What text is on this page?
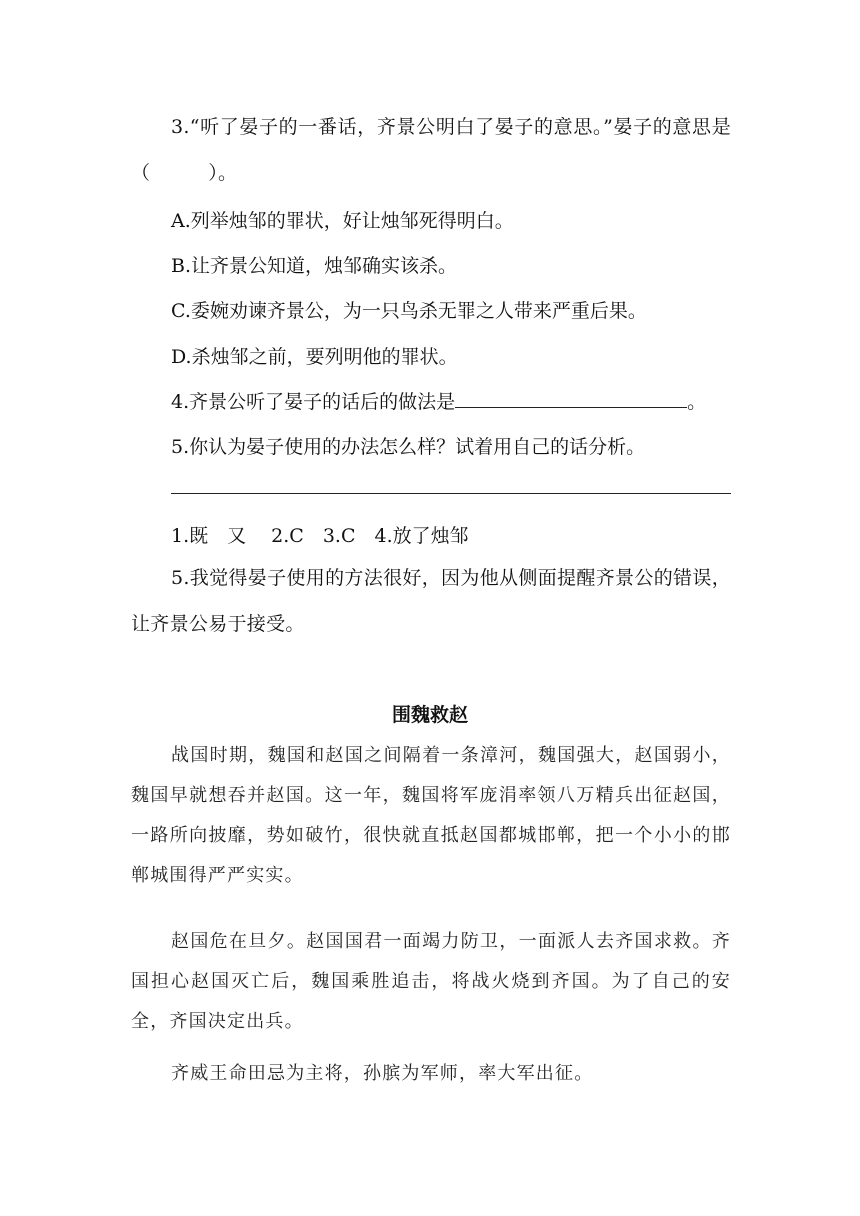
3.“听了晏子的一番话，齐景公明白了晏子的意思。”晏子的意思是（　　　）。

A.列举烛邹的罪状，好让烛邹死得明白。

B.让齐景公知道，烛邹确实该杀。

C.委婉劝谏齐景公，为一只鸟杀无罪之人带来严重后果。

D.杀烛邹之前，要列明他的罪状。

4.齐景公听了晏子的话后的做法是	。

5.你认为晏子使用的办法怎么样？试着用自己的话分析。

1.既　又　 2.C　3.C　4.放了烛邹

5.我觉得晏子使用的方法很好，因为他从侧面提醒齐景公的错误，让齐景公易于接受。

围魏救赵

战国时期，魏国和赵国之间隔着一条漳河，魏国强大，赵国弱小，魏国早就想吞并赵国。这一年，魏国将军庞涓率领八万精兵出征赵国，一路所向披靡，势如破竹，很快就直抵赵国都城邯郸，把一个小小的邯郸城围得严严实实。

赵国危在旦夕。赵国国君一面竭力防卫，一面派人去齐国求救。齐国担心赵国灭亡后，魏国乘胜追击，将战火烧到齐国。为了自己的安全，齐国决定出兵。

齐威王命田忌为主将，孙膑为军师，率大军出征。
